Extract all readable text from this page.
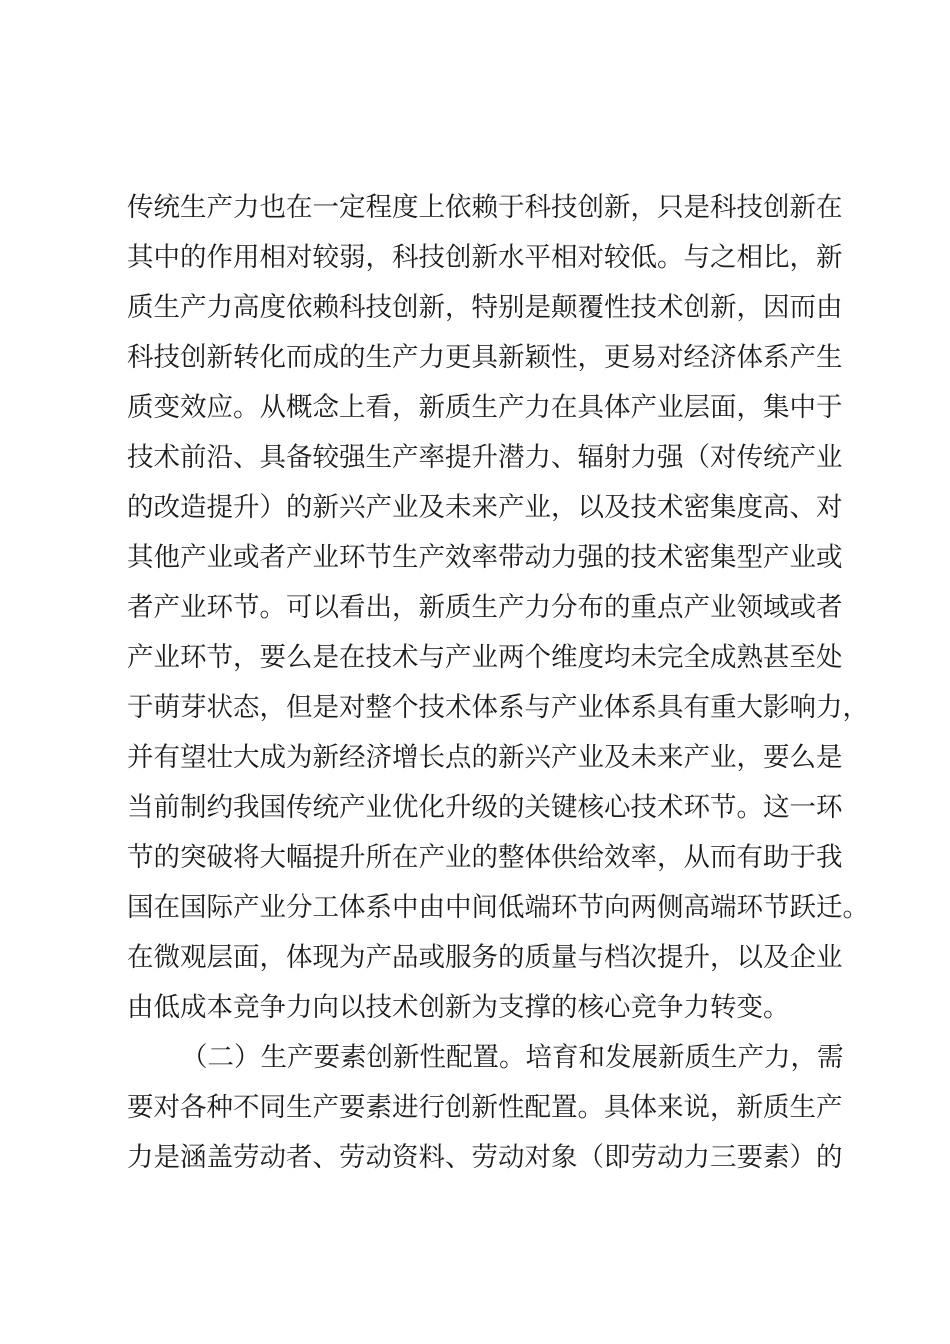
传统生产力也在一定程度上依赖于科技创新，只是科技创新在
其中的作用相对较弱，科技创新水平相对较低。与之相比，新
质生产力高度依赖科技创新，特别是颠覆性技术创新，因而由
科技创新转化而成的生产力更具新颖性，更易对经济体系产生
质变效应。从概念上看，新质生产力在具体产业层面，集中于
技术前沿、具备较强生产率提升潜力、辐射力强（对传统产业
的改造提升）的新兴产业及未来产业，以及技术密集度高、对
其他产业或者产业环节生产效率带动力强的技术密集型产业或
者产业环节。可以看出，新质生产力分布的重点产业领域或者
产业环节，要么是在技术与产业两个维度均未完全成熟甚至处
于萌芽状态，但是对整个技术体系与产业体系具有重大影响力，
并有望壮大成为新经济增长点的新兴产业及未来产业，要么是
当前制约我国传统产业优化升级的关键核心技术环节。这一环
节的突破将大幅提升所在产业的整体供给效率，从而有助于我
国在国际产业分工体系中由中间低端环节向两侧高端环节跃迁。
在微观层面，体现为产品或服务的质量与档次提升，以及企业
由低成本竞争力向以技术创新为支撑的核心竞争力转变。
（二）生产要素创新性配置。培育和发展新质生产力，需
要对各种不同生产要素进行创新性配置。具体来说，新质生产
力是涵盖劳动者、劳动资料、劳动对象（即劳动力三要素）的
